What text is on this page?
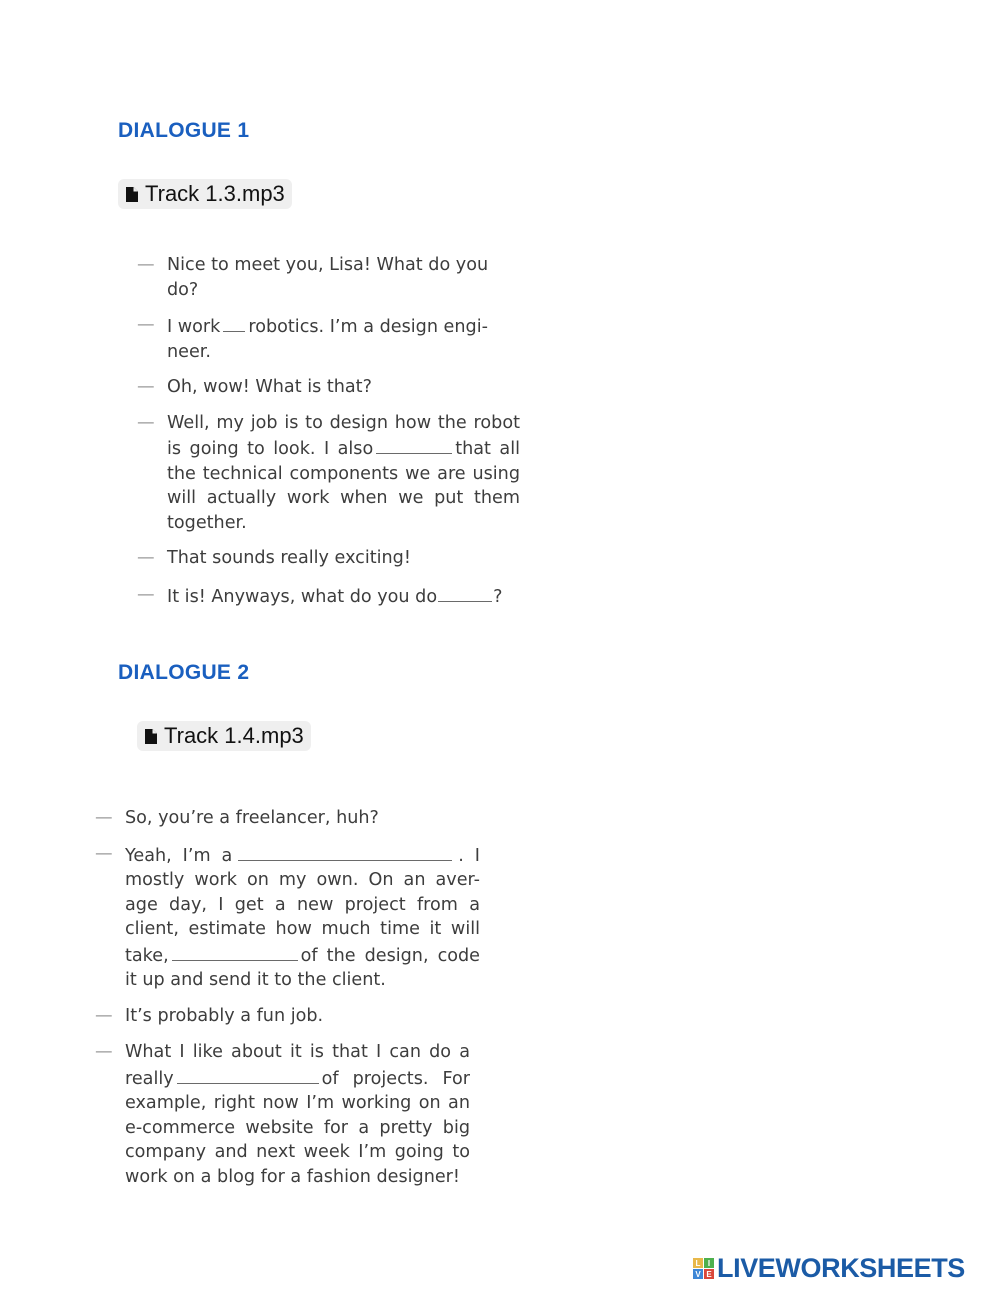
DIALOGUE 1
Track 1.3.mp3
— Nice to meet you, Lisa! What do you do?
— I work robotics. I’m a design engi-neer.
— Oh, wow! What is that?
— Well, my job is to design how the robot is going to look. I also	that all the technical components we are using will actually work when we put them together.
— That sounds really exciting!
— It is! Anyways, what do you do	?
DIALOGUE 2
Track 1.4.mp3
— So, you’re a freelancer, huh?
— Yeah, I’m a	. I mostly work on my own. On an aver-age day, I get a new project from a client, estimate how much time it will take,	of the design, code it up and send it to the client.
— It’s probably a fun job.
— What I like about it is that I can do a really	of projects. For example, right now I’m working on an e-commerce website for a pretty big company and next week I’m going to work on a blog for a fashion designer!
L I
V E LIVEWORKSHEETS
